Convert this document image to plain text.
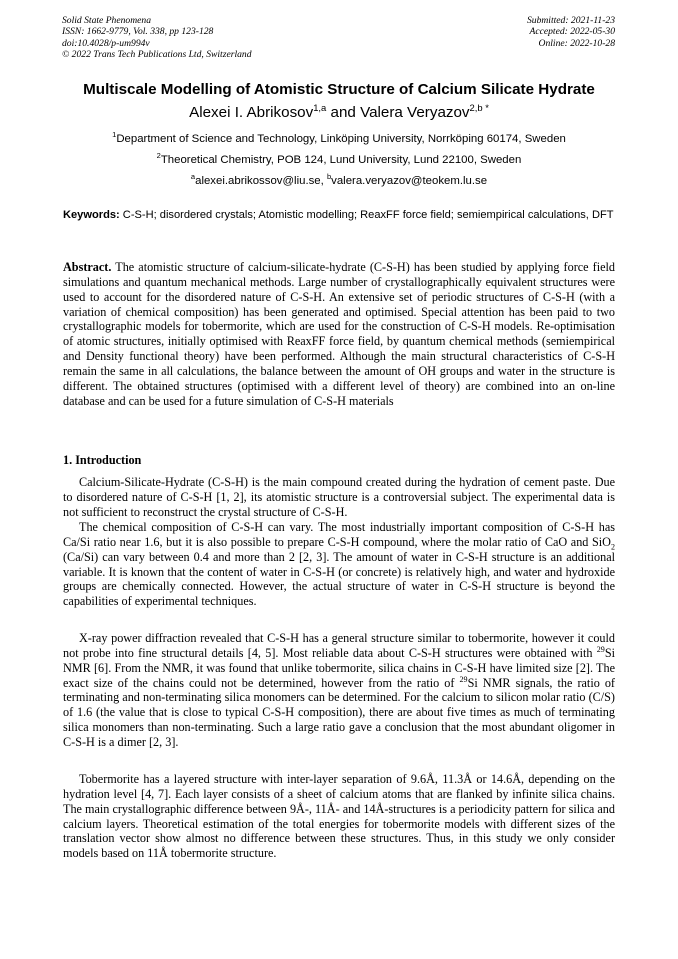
Solid State Phenomena
ISSN: 1662-9779, Vol. 338, pp 123-128
doi:10.4028/p-um994v
© 2022 Trans Tech Publications Ltd, Switzerland
Submitted: 2021-11-23
Accepted: 2022-05-30
Online: 2022-10-28
Multiscale Modelling of Atomistic Structure of Calcium Silicate Hydrate
Alexei I. Abrikosov$^{1,a}$ and Valera Veryazov$^{2,b *}$
$^1$Department of Science and Technology, Linköping University, Norrköping 60174, Sweden
$^2$Theoretical Chemistry, POB 124, Lund University, Lund 22100, Sweden
$^a$alexei.abrikossov@liu.se, $^b$valera.veryazov@teokem.lu.se
Keywords: C-S-H; disordered crystals; Atomistic modelling; ReaxFF force field; semiempirical calculations, DFT
Abstract. The atomistic structure of calcium-silicate-hydrate (C-S-H) has been studied by applying force field simulations and quantum mechanical methods. Large number of crystallographically equivalent structures were used to account for the disordered nature of C-S-H. An extensive set of periodic structures of C-S-H (with a variation of chemical composition) has been generated and optimised. Special attention has been paid to two crystallographic models for tobermorite, which are used for the construction of C-S-H models. Re-optimisation of atomic structures, initially optimised with ReaxFF force field, by quantum chemical methods (semiempirical and Density functional theory) have been performed. Although the main structural characteristics of C-S-H remain the same in all calculations, the balance between the amount of OH groups and water in the structure is different. The obtained structures (optimised with a different level of theory) are combined into an on-line database and can be used for a future simulation of C-S-H materials
1. Introduction
Calcium-Silicate-Hydrate (C-S-H) is the main compound created during the hydration of cement paste. Due to disordered nature of C-S-H [1, 2], its atomistic structure is a controversial subject. The experimental data is not sufficient to reconstruct the crystal structure of C-S-H.
The chemical composition of C-S-H can vary. The most industrially important composition of C-S-H has Ca/Si ratio near 1.6, but it is also possible to prepare C-S-H compound, where the molar ratio of CaO and SiO$_2$ (Ca/Si) can vary between 0.4 and more than 2 [2, 3]. The amount of water in C-S-H structure is an additional variable. It is known that the content of water in C-S-H (or concrete) is relatively high, and water and hydroxide groups are chemically connected. However, the actual structure of water in C-S-H structure is beyond the capabilities of experimental techniques.
X-ray power diffraction revealed that C-S-H has a general structure similar to tobermorite, however it could not probe into fine structural details [4, 5]. Most reliable data about C-S-H structures were obtained with $^{29}$Si NMR [6]. From the NMR, it was found that unlike tobermorite, silica chains in C-S-H have limited size [2]. The exact size of the chains could not be determined, however from the ratio of $^{29}$Si NMR signals, the ratio of terminating and non-terminating silica monomers can be determined. For the calcium to silicon molar ratio (C/S) of 1.6 (the value that is close to typical C-S-H composition), there are about five times as much of terminating silica monomers than non-terminating. Such a large ratio gave a conclusion that the most abundant oligomer in C-S-H is a dimer [2, 3].
Tobermorite has a layered structure with inter-layer separation of 9.6Å, 11.3Å or 14.6Å, depending on the hydration level [4, 7]. Each layer consists of a sheet of calcium atoms that are flanked by infinite silica chains. The main crystallographic difference between 9Å-, 11Å- and 14Å-structures is a periodicity pattern for silica and calcium layers. Theoretical estimation of the total energies for tobermorite models with different sizes of the translation vector show almost no difference between these structures. Thus, in this study we only consider models based on 11Å tobermorite structure.
